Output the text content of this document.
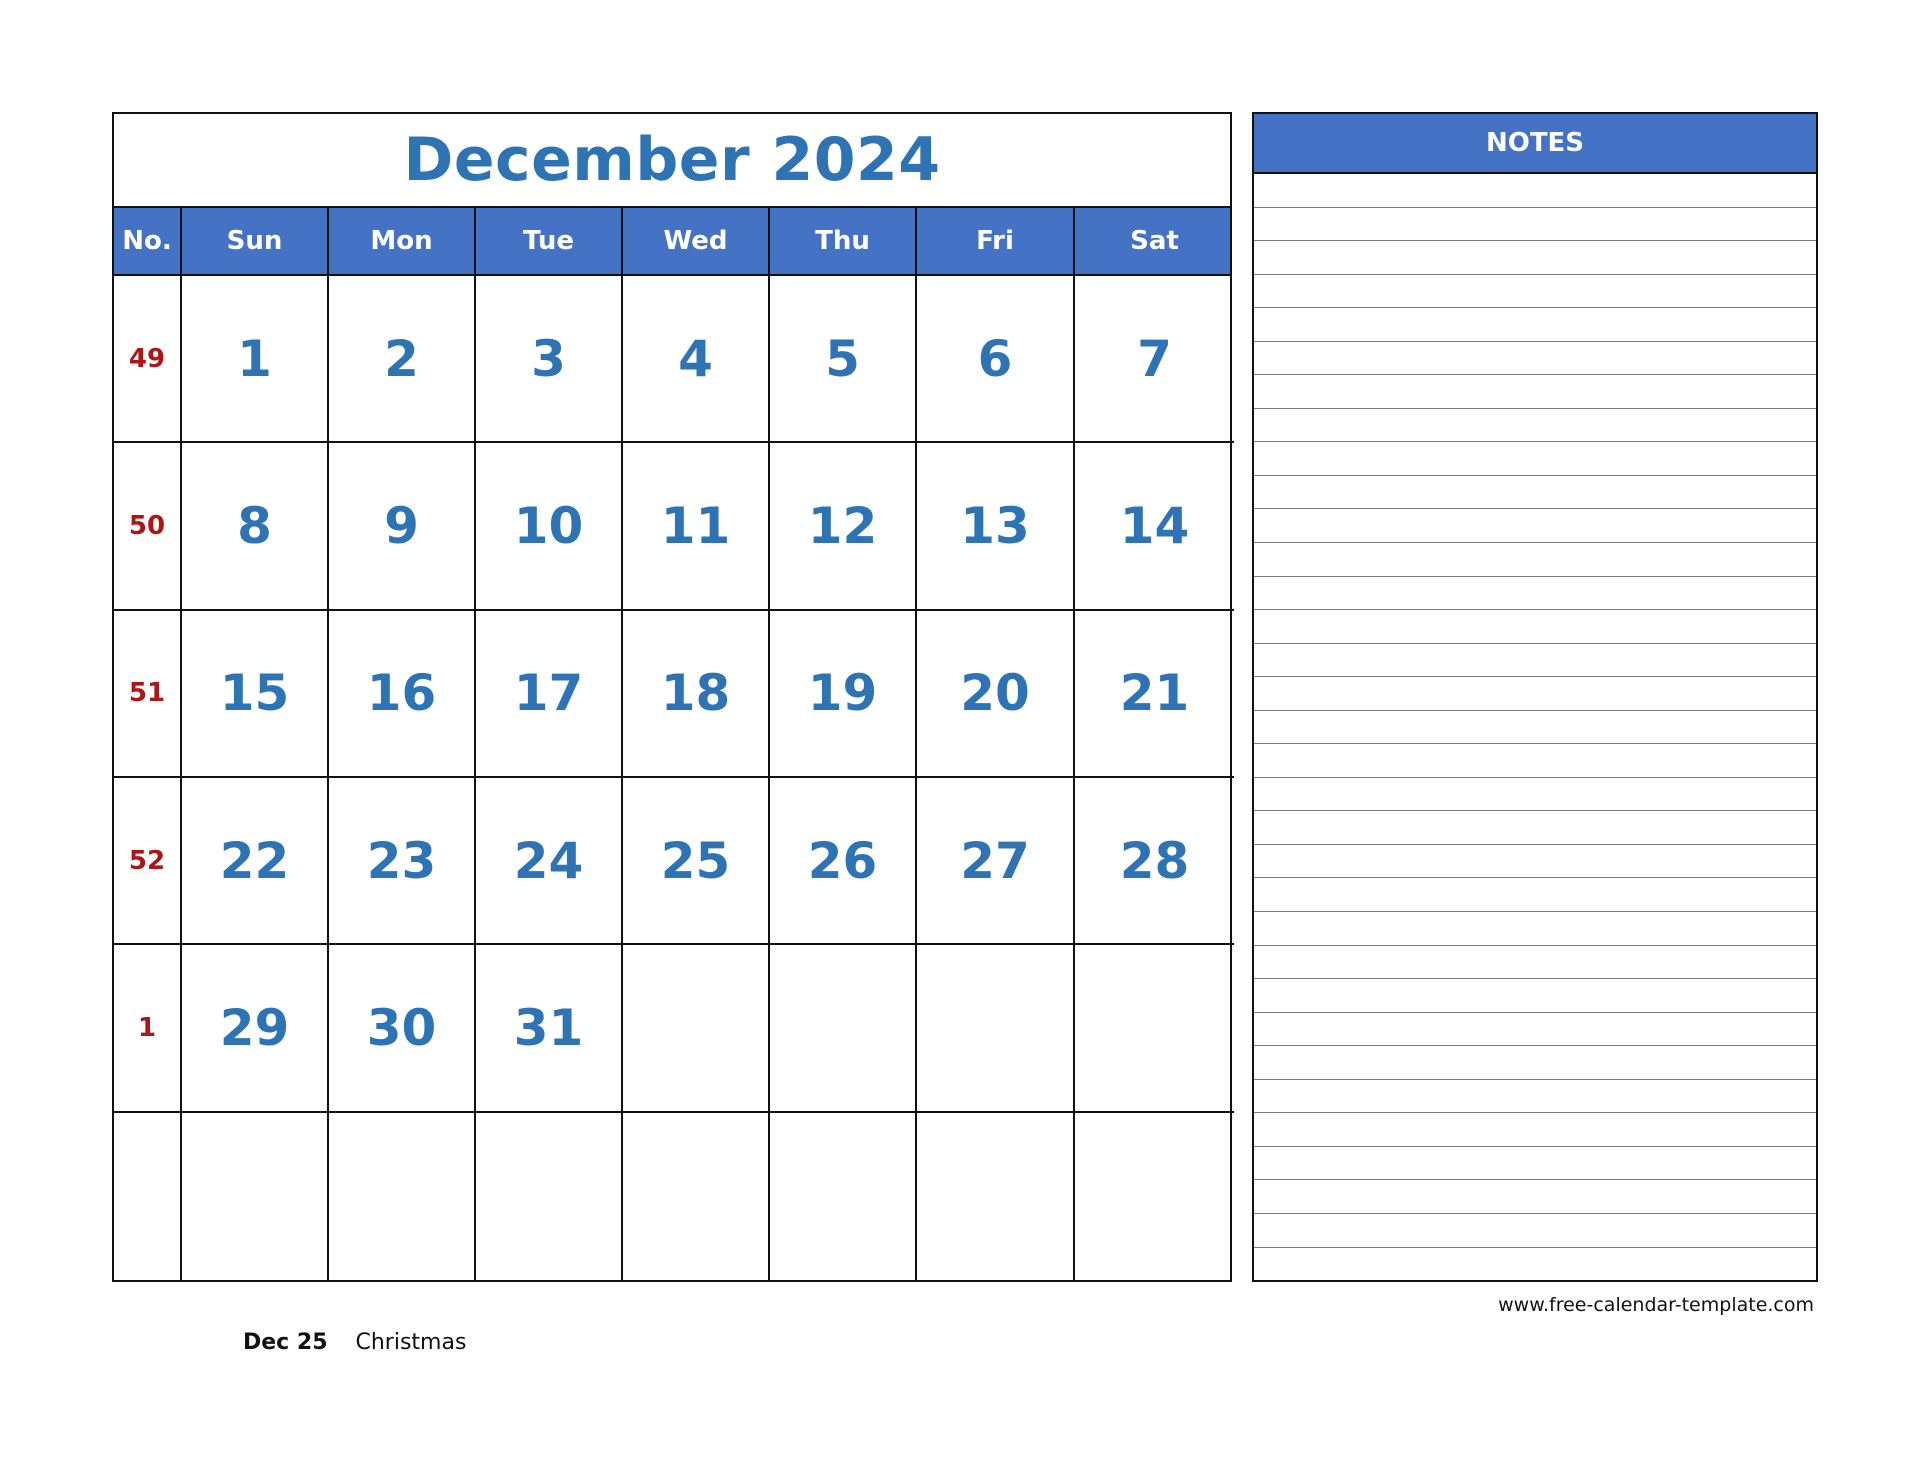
December 2024
No.	Sun	Mon	Tue	Wed	Thu	Fri	Sat
49 1 2 3 4 5 6 7
50 8 9 10 11 12 13 14
51 15 16 17 18 19 20 21
52 22 23 24 25 26 27 28
1 29 30 31
NOTES
www.free-calendar-template.com
Dec 25 Christmas
